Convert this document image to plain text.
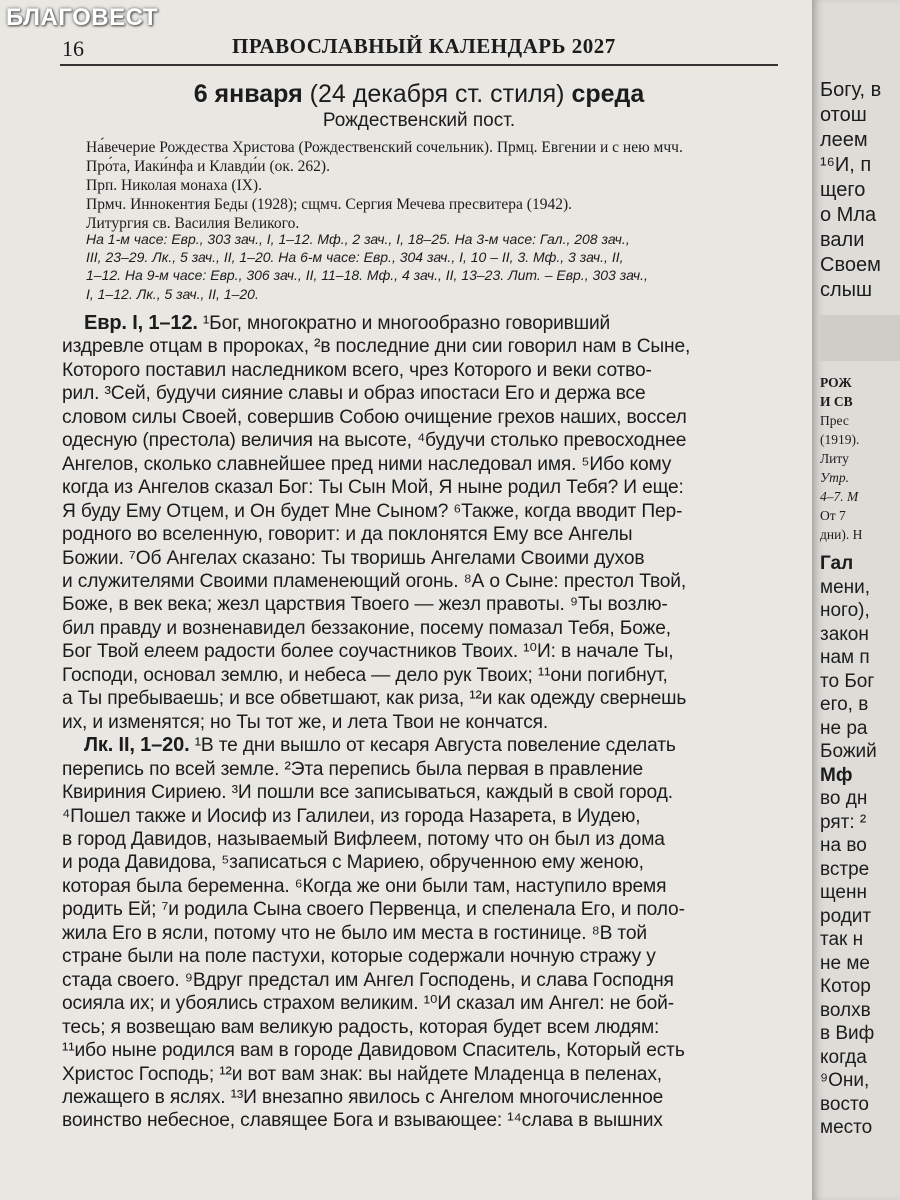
БЛАГОВЕСТ
16	ПРАВОСЛАВНЫЙ КАЛЕНДАРЬ 2027
6 января (24 декабря ст. стиля) среда
Рождественский пост.
На́вечерие Рождества Христова (Рождественский сочельник). Прмц. Евгении и с нею мчч.
Про́та, Иаки́нфа и Клавди́и (ок. 262).
Прп. Николая монаха (IX).
Прмч. Иннокентия Беды (1928); сщмч. Сергия Мечева пресвитера (1942).
Литургия св. Василия Великого.
На 1-м часе: Евр., 303 зач., I, 1–12. Мф., 2 зач., I, 18–25. На 3-м часе: Гал., 208 зач.,
III, 23–29. Лк., 5 зач., II, 1–20. На 6-м часе: Евр., 304 зач., I, 10 – II, 3. Мф., 3 зач., II,
1–12. На 9-м часе: Евр., 306 зач., II, 11–18. Мф., 4 зач., II, 13–23. Лит. – Евр., 303 зач.,
I, 1–12. Лк., 5 зач., II, 1–20.
Евр. I, 1–12. ¹Бог, многократно и многообразно говоривший
издревле отцам в пророках, ²в последние дни сии говорил нам в Сыне,
Которого поставил наследником всего, чрез Которого и веки сотво-
рил. ³Сей, будучи сияние славы и образ ипостаси Его и держа все
словом силы Своей, совершив Собою очищение грехов наших, воссел
одесную (престола) величия на высоте, ⁴будучи столько превосходнее
Ангелов, сколько славнейшее пред ними наследовал имя. ⁵Ибо кому
когда из Ангелов сказал Бог: Ты Сын Мой, Я ныне родил Тебя? И еще:
Я буду Ему Отцем, и Он будет Мне Сыном? ⁶Также, когда вводит Пер-
родного во вселенную, говорит: и да поклонятся Ему все Ангелы
Божии. ⁷Об Ангелах сказано: Ты творишь Ангелами Своими духов
и служителями Своими пламенеющий огонь. ⁸А о Сыне: престол Твой,
Боже, в век века; жезл царствия Твоего — жезл правоты. ⁹Ты возлю-
бил правду и возненавидел беззаконие, посему помазал Тебя, Боже,
Бог Твой елеем радости более соучастников Твоих. ¹⁰И: в начале Ты,
Господи, основал землю, и небеса — дело рук Твоих; ¹¹они погибнут,
а Ты пребываешь; и все обветшают, как риза, ¹²и как одежду свернешь
их, и изменятся; но Ты тот же, и лета Твои не кончатся.
Лк. II, 1–20. ¹В те дни вышло от кесаря Августа повеление сделать
перепись по всей земле. ²Эта перепись была первая в правление
Квириния Сириею. ³И пошли все записываться, каждый в свой город.
⁴Пошел также и Иосиф из Галилеи, из города Назарета, в Иудею,
в город Давидов, называемый Вифлеем, потому что он был из дома
и рода Давидова, ⁵записаться с Мариею, обрученною ему женою,
которая была беременна. ⁶Когда же они были там, наступило время
родить Ей; ⁷и родила Сына своего Первенца, и спеленала Его, и поло-
жила Его в ясли, потому что не было им места в гостинице. ⁸В той
стране были на поле пастухи, которые содержали ночную стражу у
стада своего. ⁹Вдруг предстал им Ангел Господень, и слава Господня
осияла их; и убоялись страхом великим. ¹⁰И сказал им Ангел: не бой-
тесь; я возвещаю вам великую радость, которая будет всем людям:
¹¹ибо ныне родился вам в городе Давидовом Спаситель, Который есть
Христос Господь; ¹²и вот вам знак: вы найдете Младенца в пеленах,
лежащего в яслях. ¹³И внезапно явилось с Ангелом многочисленное
воинство небесное, славящее Бога и взывающее: ¹⁴слава в вышних
Богу, в
отош
леем
¹⁶И, п
щего
о Мла
вали
Своем
слыш
РОЖ
И СВ
Прес
(1919).
Литу
Утр.
4–7. М
От 7
дни). Н
Гал
мени,
ного),
закон
нам п
то Бог
его, в
не ра
Божий
Мф
во дн
рят: ²
на во
встре
щенн
родит
так н
не ме
Котор
волхв
в Виф
когда
⁹Они,
восто
место
